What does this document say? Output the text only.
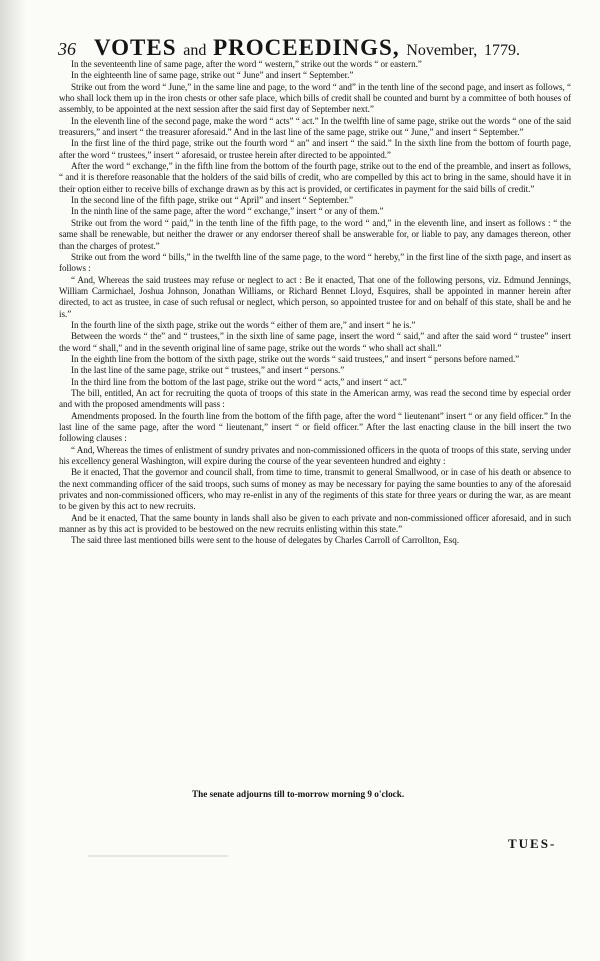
36 VOTES and PROCEEDINGS, November, 1779.

In the seventeenth line of same page, after the word “ western,” strike out the words “ or eastern.”

In the eighteenth line of same page, strike out “ June” and insert “ September.”

Strike out from the word “ June,” in the same line and page, to the word “ and” in the tenth line of the second page, and insert as follows, “ who shall lock them up in the iron chests or other safe place, which bills of credit shall be counted and burnt by a committee of both houses of assembly, to be appointed at the next session after the said first day of September next.”

In the eleventh line of the second page, make the word “ acts” “ act.” In the twelfth line of same page, strike out the words “ one of the said treasurers,” and insert “ the treasurer aforesaid.” And in the last line of the same page, strike out “ June,” and insert “ September.”

In the first line of the third page, strike out the fourth word “ an” and insert “ the said.” In the sixth line from the bottom of fourth page, after the word “ trustees,” insert “ aforesaid, or trustee herein after directed to be appointed.”

After the word “ exchange,” in the fifth line from the bottom of the fourth page, strike out to the end of the preamble, and insert as follows, “ and it is therefore reasonable that the holders of the said bills of credit, who are compelled by this act to bring in the same, should have it in their option either to receive bills of exchange drawn as by this act is provided, or certificates in payment for the said bills of credit.”

In the second line of the fifth page, strike out “ April” and insert “ September.”

In the ninth line of the same page, after the word “ exchange,” insert “ or any of them.”

Strike out from the word “ paid,” in the tenth line of the fifth page, to the word “ and,” in the eleventh line, and insert as follows : “ the same shall be renewable, but neither the drawer or any endorser thereof shall be answerable for, or liable to pay, any damages thereon, other than the charges of protest.”

Strike out from the word “ bills,” in the twelfth line of the same page, to the word “ hereby,” in the first line of the sixth page, and insert as follows :

“ And, Whereas the said trustees may refuse or neglect to act : Be it enacted, That one of the following persons, viz. Edmund Jennings, William Carmichael, Joshua Johnson, Jonathan Williams, or Richard Bennet Lloyd, Esquires, shall be appointed in manner herein after directed, to act as trustee, in case of such refusal or neglect, which person, so appointed trustee for and on behalf of this state, shall be and he is.”

In the fourth line of the sixth page, strike out the words “ either of them are,” and insert “ he is.”

Between the words “ the” and “ trustees,” in the sixth line of same page, insert the word “ said,” and after the said word “ trustee” insert the word “ shall,” and in the seventh original line of same page, strike out the words “ who shall act shall.”

In the eighth line from the bottom of the sixth page, strike out the words “ said trustees,” and insert “ persons before named.”

In the last line of the same page, strike out “ trustees,” and insert “ persons.”

In the third line from the bottom of the last page, strike out the word “ acts,” and insert “ act.”

The bill, entitled, An act for recruiting the quota of troops of this state in the American army, was read the second time by especial order and with the proposed amendments will pass :

Amendments proposed. In the fourth line from the bottom of the fifth page, after the word “ lieutenant” insert “ or any field officer.” In the last line of the same page, after the word “ lieutenant,” insert “ or field officer.” After the last enacting clause in the bill insert the two following clauses :

“ And, Whereas the times of enlistment of sundry privates and non-commissioned officers in the quota of troops of this state, serving under his excellency general Washington, will expire during the course of the year seventeen hundred and eighty :

Be it enacted, That the governor and council shall, from time to time, transmit to general Smallwood, or in case of his death or absence to the next commanding officer of the said troops, such sums of money as may be necessary for paying the same bounties to any of the aforesaid privates and non-commissioned officers, who may re-enlist in any of the regiments of this state for three years or during the war, as are meant to be given by this act to new recruits.

And be it enacted, That the same bounty in lands shall also be given to each private and non-commissioned officer aforesaid, and in such manner as by this act is provided to be bestowed on the new recruits enlisting within this state.”

The said three last mentioned bills were sent to the house of delegates by Charles Carroll of Carrollton, Esq.

The senate adjourns till to-morrow morning 9 o'clock.
TUES-
